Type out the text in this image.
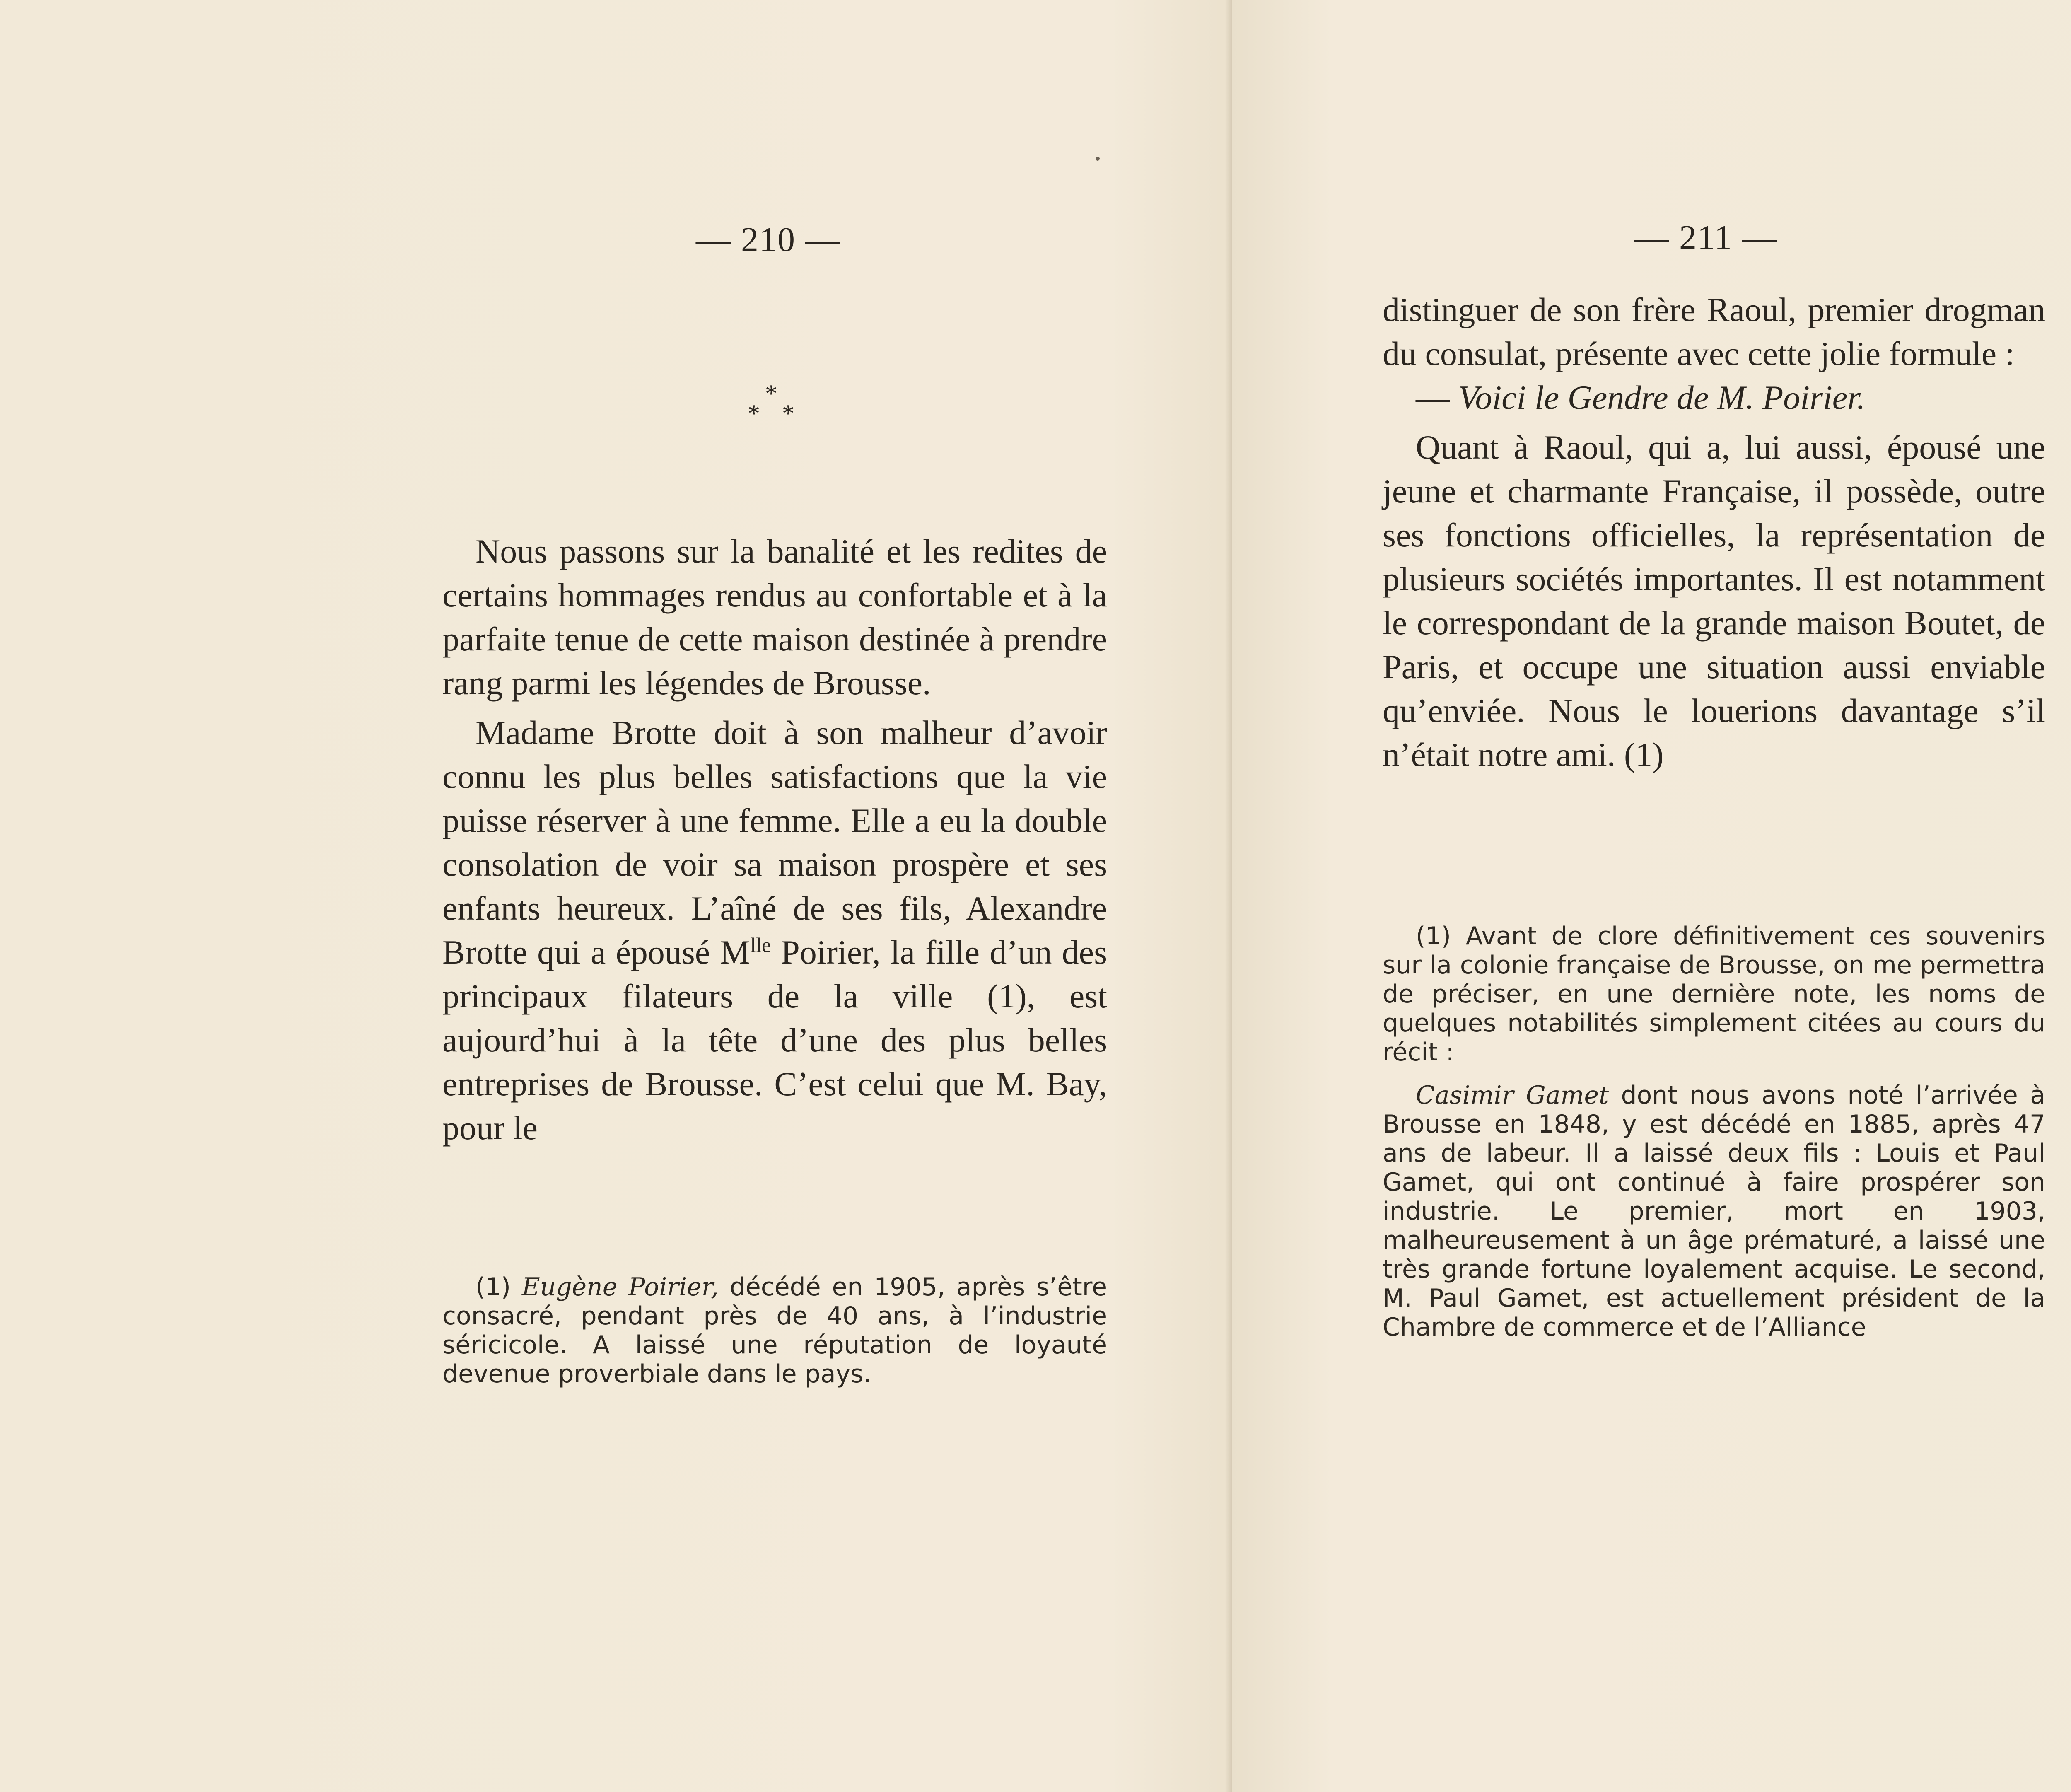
— 210 —
*
* *

Nous passons sur la banalité et les redites de certains hommages rendus au confortable et à la parfaite tenue de cette maison destinée à prendre rang parmi les légendes de Brousse.

Madame Brotte doit à son malheur d’avoir connu les plus belles satisfactions que la vie puisse réserver à une femme. Elle a eu la double consolation de voir sa maison prospère et ses enfants heureux. L’aîné de ses fils, Alexandre Brotte qui a épousé $M^{lle}$ Poirier, la fille d’un des principaux filateurs de la ville (1), est aujourd’hui à la tête d’une des plus belles entreprises de Brousse. C’est celui que M. Bay, pour le

(1) Eugène Poirier, décédé en 1905, après s’être consacré, pendant près de 40 ans, à l’industrie séricicole. A laissé une réputation de loyauté devenue proverbiale dans le pays.

— 211 —

distinguer de son frère Raoul, premier drogman du consulat, présente avec cette jolie formule :

— Voici le Gendre de M. Poirier.

Quant à Raoul, qui a, lui aussi, épousé une jeune et charmante Française, il possède, outre ses fonctions officielles, la représentation de plusieurs sociétés importantes. Il est notamment le correspondant de la grande maison Boutet, de Paris, et occupe une situation aussi enviable qu’enviée. Nous le louerions davantage s’il n’était notre ami. (1)

(1) Avant de clore définitivement ces souvenirs sur la colonie française de Brousse, on me permettra de préciser, en une dernière note, les noms de quelques notabilités simplement citées au cours du récit :

Casimir Gamet dont nous avons noté l’arrivée à Brousse en 1848, y est décédé en 1885, après 47 ans de labeur. Il a laissé deux fils : Louis et Paul Gamet, qui ont continué à faire prospérer son industrie. Le premier, mort en 1903, malheureusement à un âge prématuré, a laissé une très grande fortune loyalement acquise. Le second, M. Paul Gamet, est actuellement président de la Chambre de commerce et de l’Alliance
